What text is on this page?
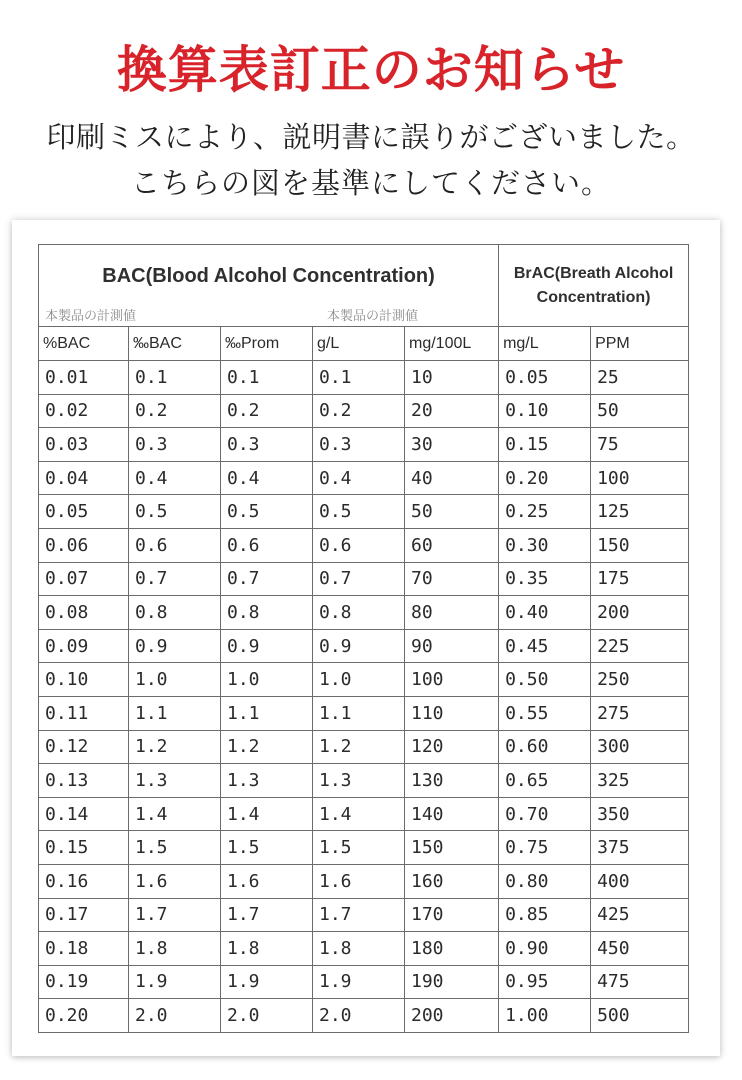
換算表訂正のお知らせ
印刷ミスにより、説明書に誤りがございました。
こちらの図を基準にしてください。
BAC(Blood Alcohol Concentration)
本製品の計測値 本製品の計測値					BrAC(Breath Alcohol
Concentration)	
%BAC	‰BAC	‰Prom	g/L	mg/100L	mg/L	PPM
0.01	0.1	0.1	0.1	10	0.05	25
0.02	0.2	0.2	0.2	20	0.10	50
0.03	0.3	0.3	0.3	30	0.15	75
0.04	0.4	0.4	0.4	40	0.20	100
0.05	0.5	0.5	0.5	50	0.25	125
0.06	0.6	0.6	0.6	60	0.30	150
0.07	0.7	0.7	0.7	70	0.35	175
0.08	0.8	0.8	0.8	80	0.40	200
0.09	0.9	0.9	0.9	90	0.45	225
0.10	1.0	1.0	1.0	100	0.50	250
0.11	1.1	1.1	1.1	110	0.55	275
0.12	1.2	1.2	1.2	120	0.60	300
0.13	1.3	1.3	1.3	130	0.65	325
0.14	1.4	1.4	1.4	140	0.70	350
0.15	1.5	1.5	1.5	150	0.75	375
0.16	1.6	1.6	1.6	160	0.80	400
0.17	1.7	1.7	1.7	170	0.85	425
0.18	1.8	1.8	1.8	180	0.90	450
0.19	1.9	1.9	1.9	190	0.95	475
0.20	2.0	2.0	2.0	200	1.00	500
